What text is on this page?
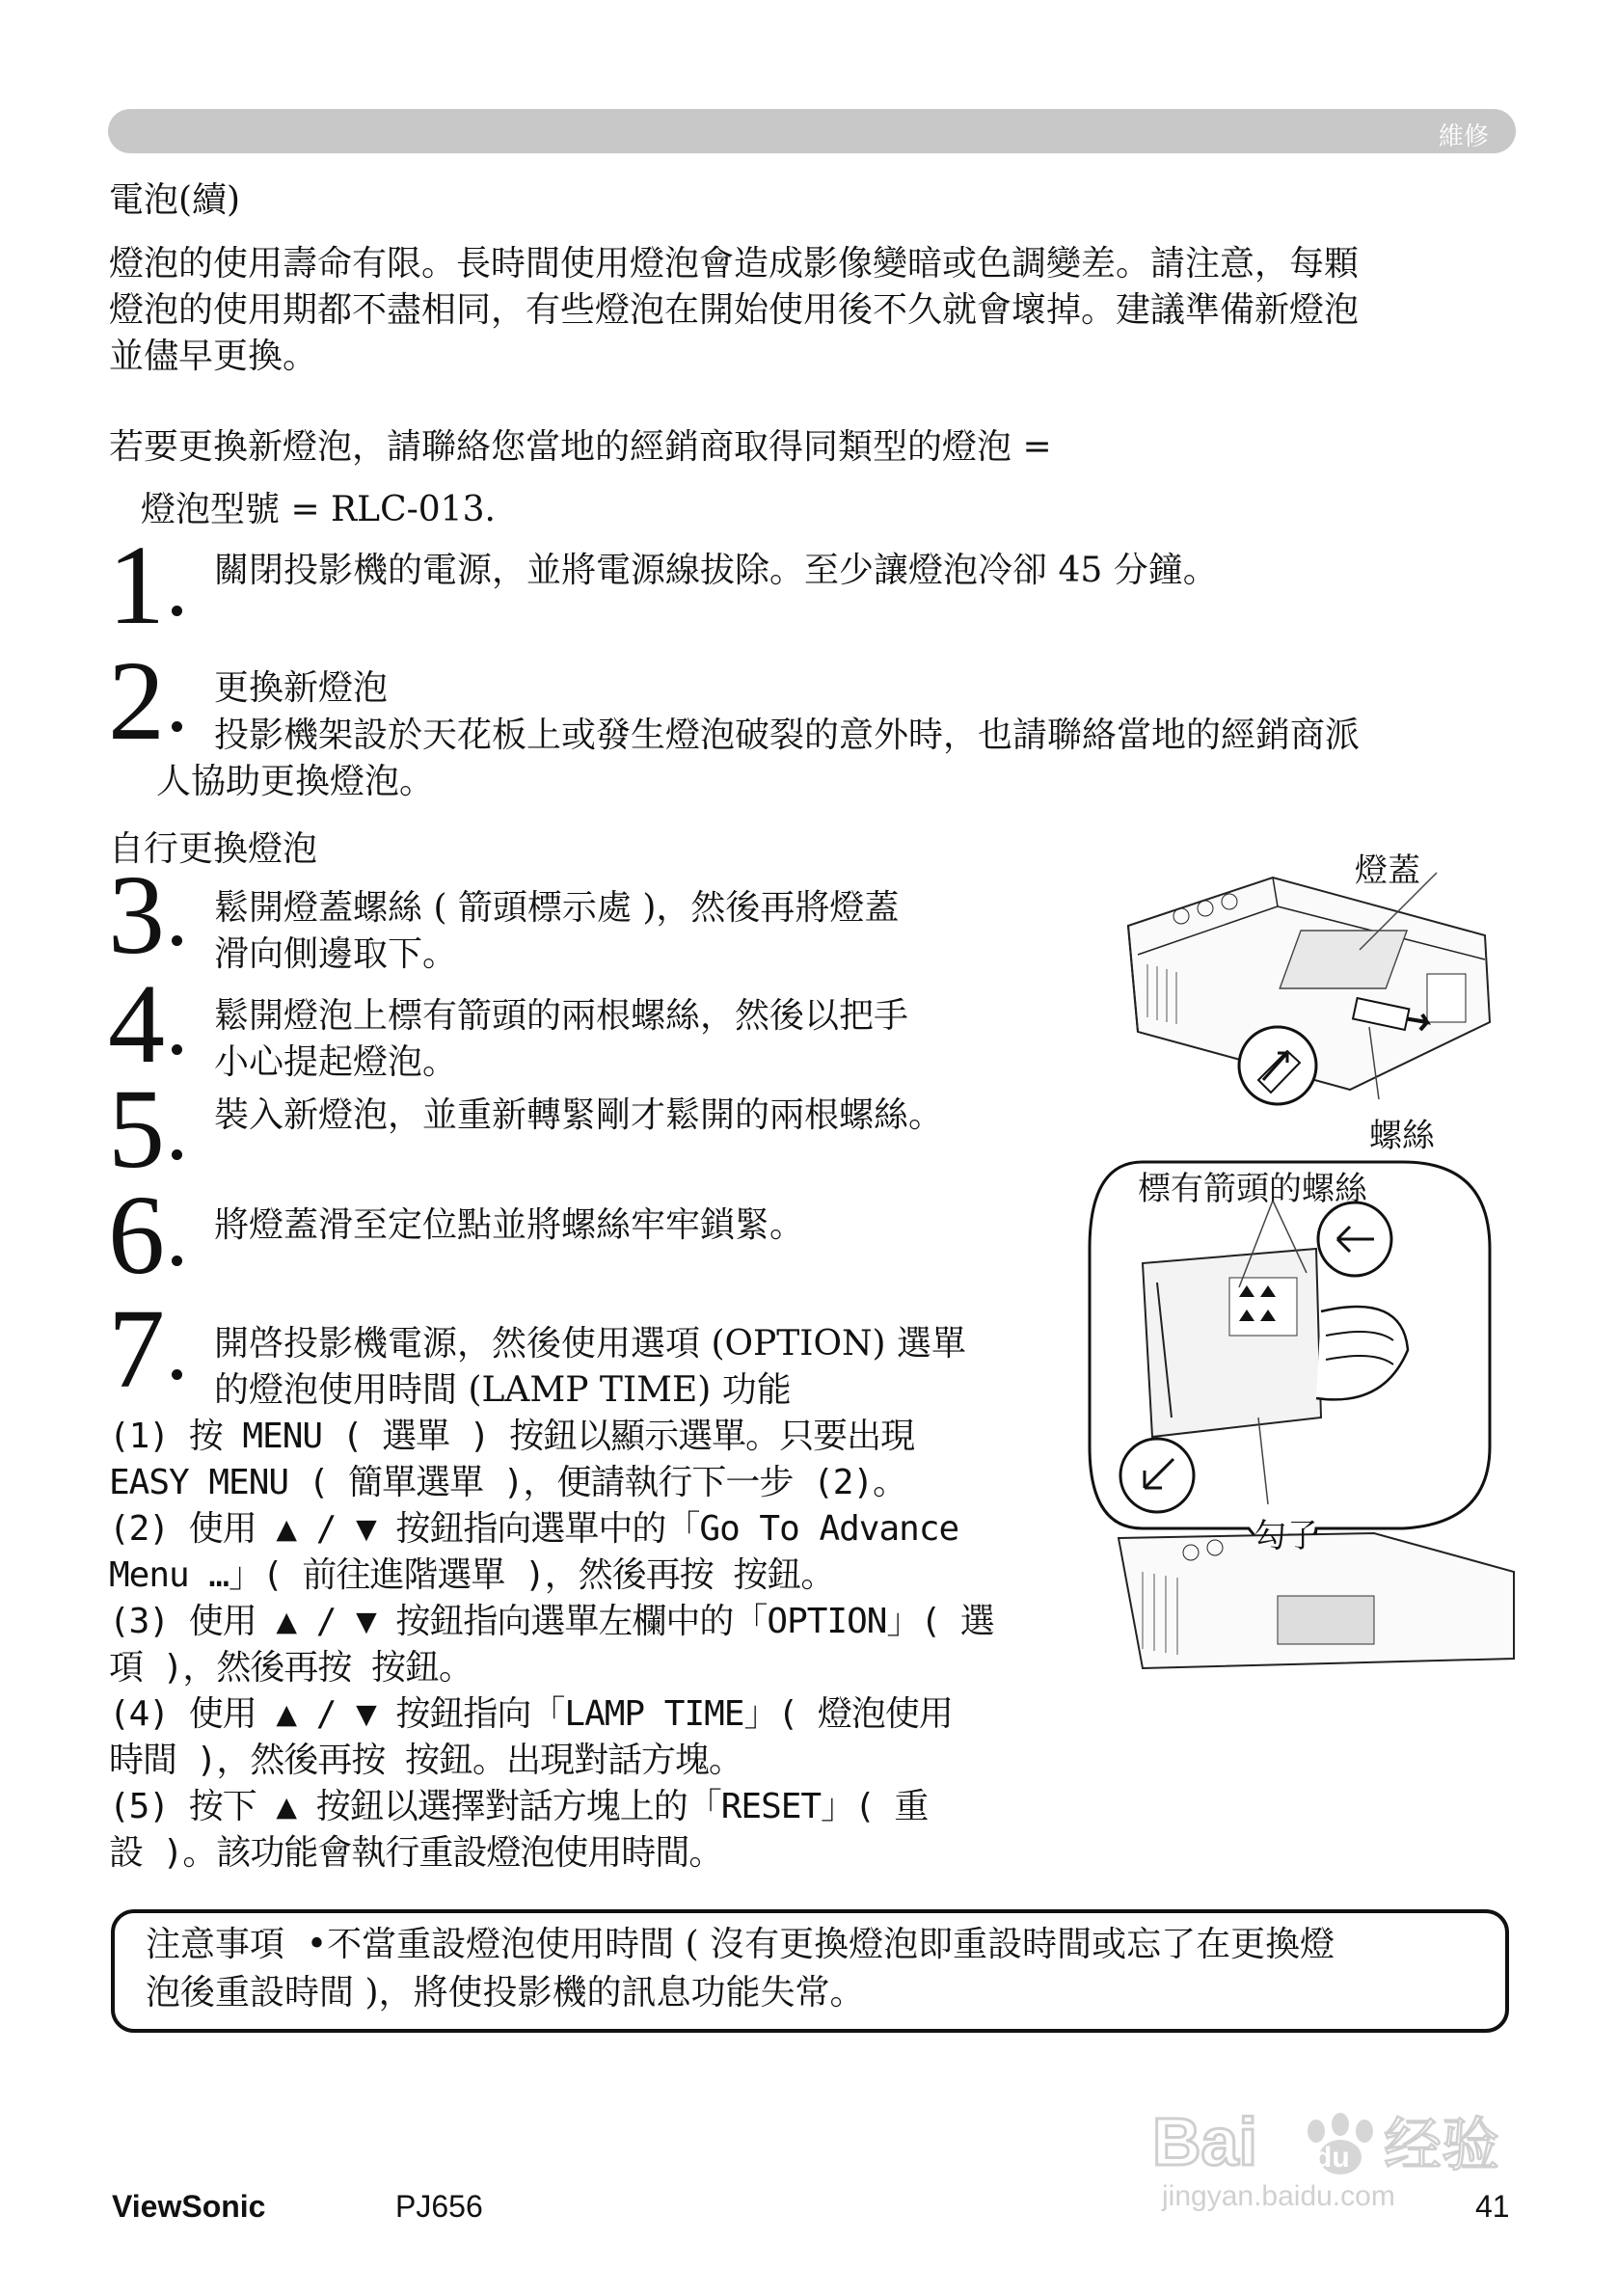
維修
電泡(續)
燈泡的使用壽命有限。長時間使用燈泡會造成影像變暗或色調變差。請注意，每顆
燈泡的使用期都不盡相同，有些燈泡在開始使用後不久就會壞掉。建議準備新燈泡
並儘早更換。
若要更換新燈泡，請聯絡您當地的經銷商取得同類型的燈泡 =
燈泡型號 = RLC-013.
1 關閉投影機的電源，並將電源線拔除。至少讓燈泡冷卻 45 分鐘。
2 更換新燈泡
投影機架設於天花板上或發生燈泡破裂的意外時，也請聯絡當地的經銷商派
人協助更換燈泡。
自行更換燈泡
3 鬆開燈蓋螺絲 ( 箭頭標示處 )，然後再將燈蓋
滑向側邊取下。
4 鬆開燈泡上標有箭頭的兩根螺絲，然後以把手
小心提起燈泡。
5 裝入新燈泡，並重新轉緊剛才鬆開的兩根螺絲。
6 將燈蓋滑至定位點並將螺絲牢牢鎖緊。
7 開啓投影機電源，然後使用選項 (OPTION) 選單
的燈泡使用時間 (LAMP TIME) 功能
(1) 按 MENU ( 選單 ) 按鈕以顯示選單。只要出現
EASY MENU ( 簡單選單 )，便請執行下一步 (2)。
(2) 使用 ▲ / ▼ 按鈕指向選單中的「Go To Advance
Menu …」( 前往進階選單 )，然後再按 按鈕。
(3) 使用 ▲ / ▼ 按鈕指向選單左欄中的「OPTION」( 選
項 )，然後再按 按鈕。
(4) 使用 ▲ / ▼ 按鈕指向「LAMP TIME」( 燈泡使用
時間 )，然後再按 按鈕。出現對話方塊。
(5) 按下 ▲ 按鈕以選擇對話方塊上的「RESET」( 重
設 )。該功能會執行重設燈泡使用時間。
燈蓋
螺絲
標有箭頭的螺絲
勾子
注意事項 •不當重設燈泡使用時間 ( 沒有更換燈泡即重設時間或忘了在更換燈
泡後重設時間 )，將使投影機的訊息功能失常。
ViewSonic	PJ656	41
Bai du 经验
jingyan.baidu.com
